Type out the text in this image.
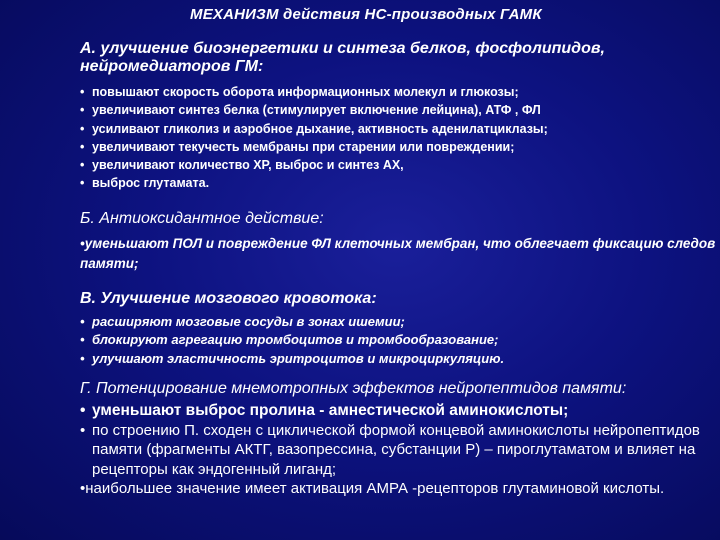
МЕХАНИЗМ действия НС-производных ГАМК
А. улучшение биоэнергетики и синтеза белков, фосфолипидов, нейромедиаторов ГМ:
• повышают скорость оборота информационных молекул и глюкозы;
• увеличивают синтез белка (стимулирует включение лейцина), АТФ , ФЛ
• усиливают гликолиз и аэробное дыхание, активность аденилатциклазы;
• увеличивают текучесть мембраны при старении или повреждении;
• увеличивают количество ХР, выброс и синтез АХ,
• выброс глутамата.
Б. Антиоксидантное действие:
•уменьшают ПОЛ и повреждение ФЛ клеточных мембран, что облегчает фиксацию следов памяти;
В. Улучшение мозгового кровотока:
• расширяют мозговые сосуды в зонах ишемии;
• блокируют агрегацию тромбоцитов и тромбообразование;
• улучшают эластичность эритроцитов и микроциркуляцию.
Г. Потенцирование мнемотропных эффектов нейропептидов памяти:
• уменьшают выброс пролина - амнестической аминокислоты;
• по строению П. сходен с циклической формой концевой аминокислоты нейропептидов памяти (фрагменты АКТГ, вазопрессина, субстанции Р) – пироглутаматом и влияет на рецепторы как эндогенный лиганд;
•наибольшее значение имеет активация АМРА -рецепторов глутаминовой кислоты.
